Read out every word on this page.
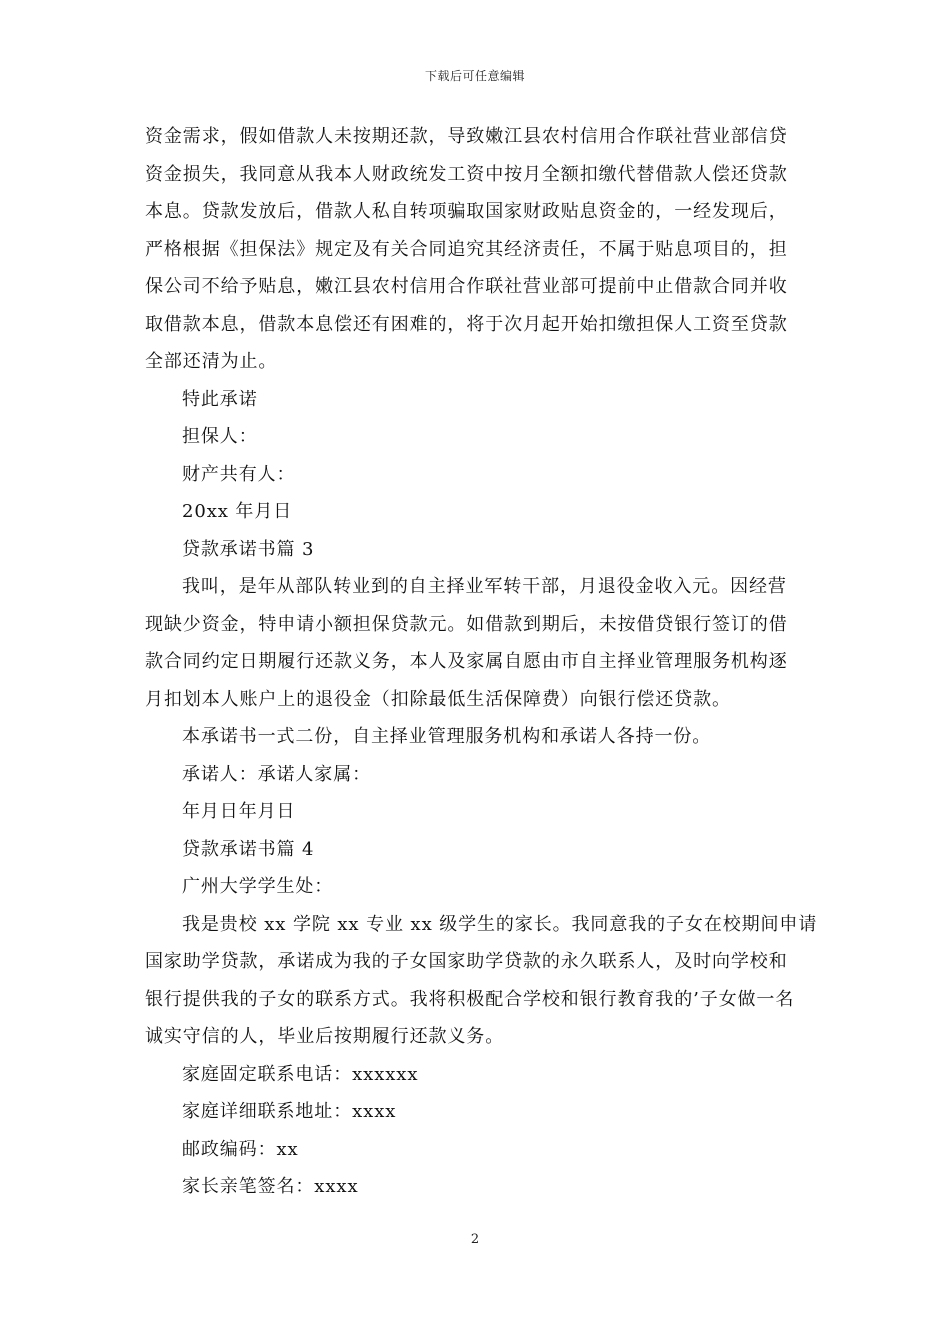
下载后可任意编辑

资金需求，假如借款人未按期还款，导致嫩江县农村信用合作联社营业部信贷
资金损失，我同意从我本人财政统发工资中按月全额扣缴代替借款人偿还贷款
本息。贷款发放后，借款人私自转项骗取国家财政贴息资金的，一经发现后，
严格根据《担保法》规定及有关合同追究其经济责任，不属于贴息项目的，担
保公司不给予贴息，嫩江县农村信用合作联社营业部可提前中止借款合同并收
取借款本息，借款本息偿还有困难的，将于次月起开始扣缴担保人工资至贷款
全部还清为止。

特此承诺

担保人：

财产共有人：

20xx 年月日

贷款承诺书篇 3

我叫，是年从部队转业到的自主择业军转干部，月退役金收入元。因经营
现缺少资金，特申请小额担保贷款元。如借款到期后，未按借贷银行签订的借
款合同约定日期履行还款义务，本人及家属自愿由市自主择业管理服务机构逐
月扣划本人账户上的退役金（扣除最低生活保障费）向银行偿还贷款。

本承诺书一式二份，自主择业管理服务机构和承诺人各持一份。

承诺人：承诺人家属：

年月日年月日

贷款承诺书篇 4

广州大学学生处：

我是贵校 xx 学院 xx 专业 xx 级学生的家长。我同意我的子女在校期间申请
国家助学贷款，承诺成为我的子女国家助学贷款的永久联系人，及时向学校和
银行提供我的子女的联系方式。我将积极配合学校和银行教育我的’子女做一名
诚实守信的人，毕业后按期履行还款义务。

家庭固定联系电话：xxxxxx

家庭详细联系地址：xxxx

邮政编码：xx

家长亲笔签名：xxxx

2
